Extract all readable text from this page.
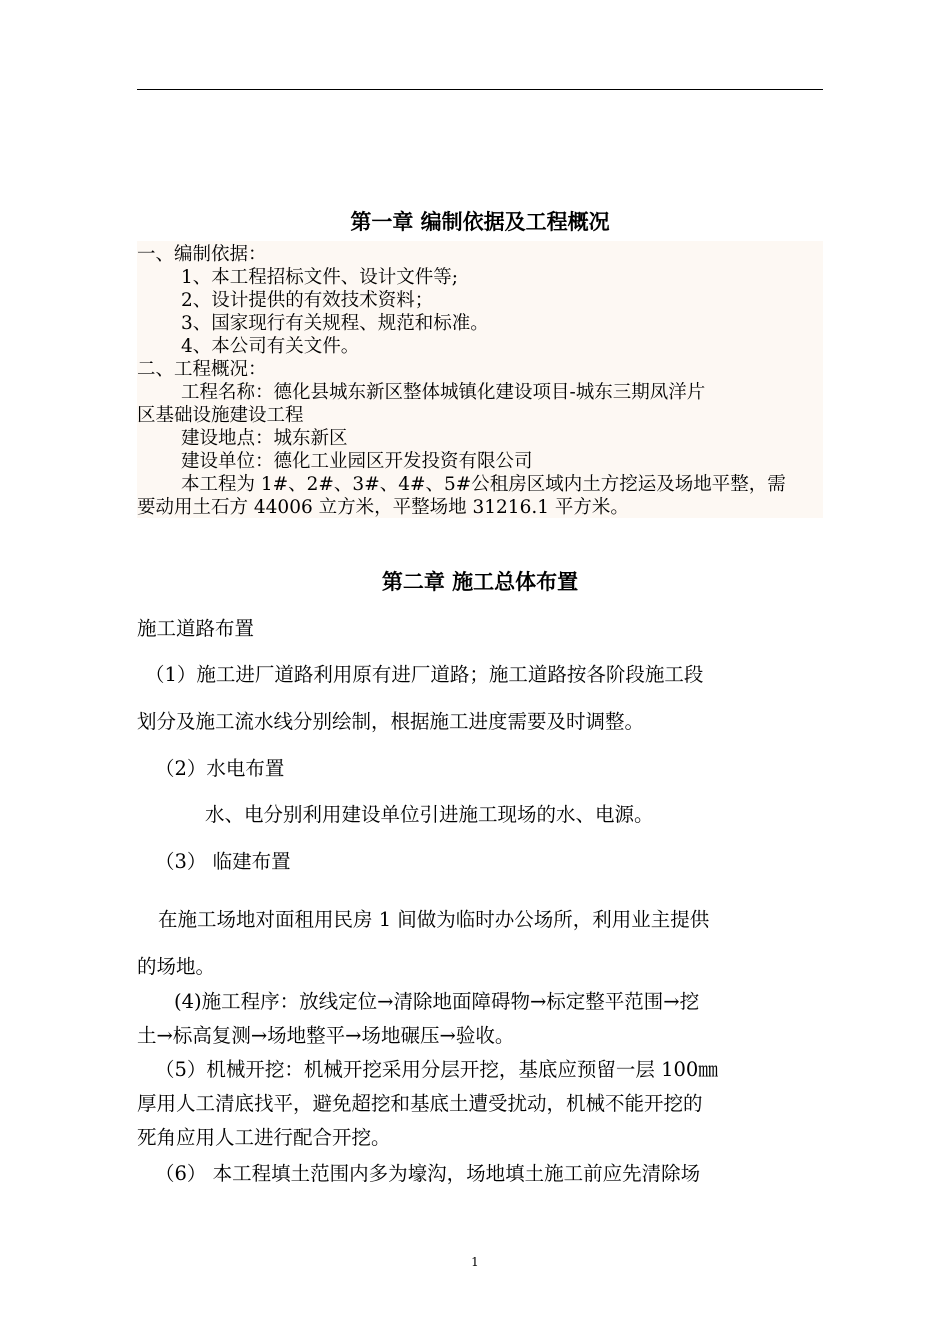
第一章 编制依据及工程概况
一、编制依据：
1、本工程招标文件、设计文件等;
2、设计提供的有效技术资料；
3、国家现行有关规程、规范和标准。
4、本公司有关文件。
二、工程概况：
工程名称：德化县城东新区整体城镇化建设项目-城东三期凤洋片
区基础设施建设工程
建设地点：城东新区
建设单位：德化工业园区开发投资有限公司
本工程为 1#、2#、3#、4#、5#公租房区域内土方挖运及场地平整，需
要动用土石方 44006 立方米，平整场地 31216.1 平方米。
第二章 施工总体布置
施工道路布置
（1）施工进厂道路利用原有进厂道路；施工道路按各阶段施工段
划分及施工流水线分别绘制，根据施工进度需要及时调整。
（2）水电布置
水、电分别利用建设单位引进施工现场的水、电源。
（3） 临建布置
在施工场地对面租用民房 1 间做为临时办公场所，利用业主提供
的场地。
(4)施工程序：放线定位→清除地面障碍物→标定整平范围→挖
土→标高复测→场地整平→场地碾压→验收。
（5）机械开挖：机械开挖采用分层开挖，基底应预留一层 100㎜
厚用人工清底找平，避免超挖和基底土遭受扰动，机械不能开挖的
死角应用人工进行配合开挖。
（6） 本工程填土范围内多为壕沟，场地填土施工前应先清除场
1
